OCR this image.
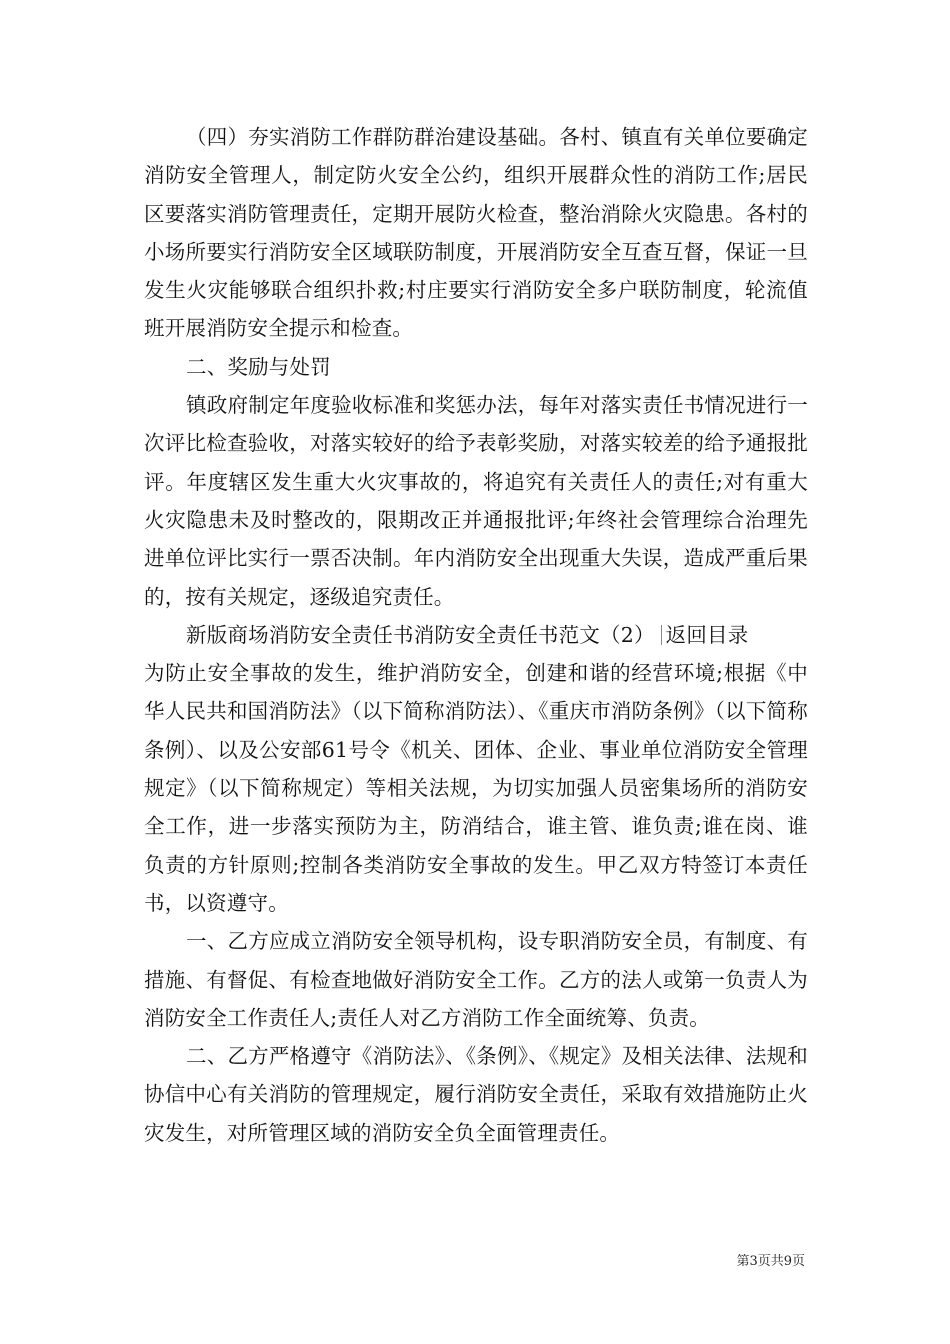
（四）夯实消防工作群防群治建设基础。各村、镇直有关单位要确定消防安全管理人，制定防火安全公约，组织开展群众性的消防工作;居民区要落实消防管理责任，定期开展防火检查，整治消除火灾隐患。各村的小场所要实行消防安全区域联防制度，开展消防安全互查互督，保证一旦发生火灾能够联合组织扑救;村庄要实行消防安全多户联防制度，轮流值班开展消防安全提示和检查。

二、奖励与处罚

镇政府制定年度验收标准和奖惩办法，每年对落实责任书情况进行一次评比检查验收，对落实较好的给予表彰奖励，对落实较差的给予通报批评。年度辖区发生重大火灾事故的，将追究有关责任人的责任;对有重大火灾隐患未及时整改的，限期改正并通报批评;年终社会管理综合治理先进单位评比实行一票否决制。年内消防安全出现重大失误，造成严重后果的，按有关规定，逐级追究责任。

新版商场消防安全责任书消防安全责任书范文（2） 返回目录

为防止安全事故的发生，维护消防安全，创建和谐的经营环境;根据《中华人民共和国消防法》（以下简称消防法）、《重庆市消防条例》（以下简称条例）、以及公安部61号令《机关、团体、企业、事业单位消防安全管理规定》（以下简称规定）等相关法规，为切实加强人员密集场所的消防安全工作，进一步落实预防为主，防消结合，谁主管、谁负责;谁在岗、谁负责的方针原则;控制各类消防安全事故的发生。甲乙双方特签订本责任书，以资遵守。

一、乙方应成立消防安全领导机构，设专职消防安全员，有制度、有措施、有督促、有检查地做好消防安全工作。乙方的法人或第一负责人为消防安全工作责任人;责任人对乙方消防工作全面统筹、负责。

二、乙方严格遵守《消防法》、《条例》、《规定》及相关法律、法规和协信中心有关消防的管理规定，履行消防安全责任，采取有效措施防止火灾发生，对所管理区域的消防安全负全面管理责任。

第3页共9页
